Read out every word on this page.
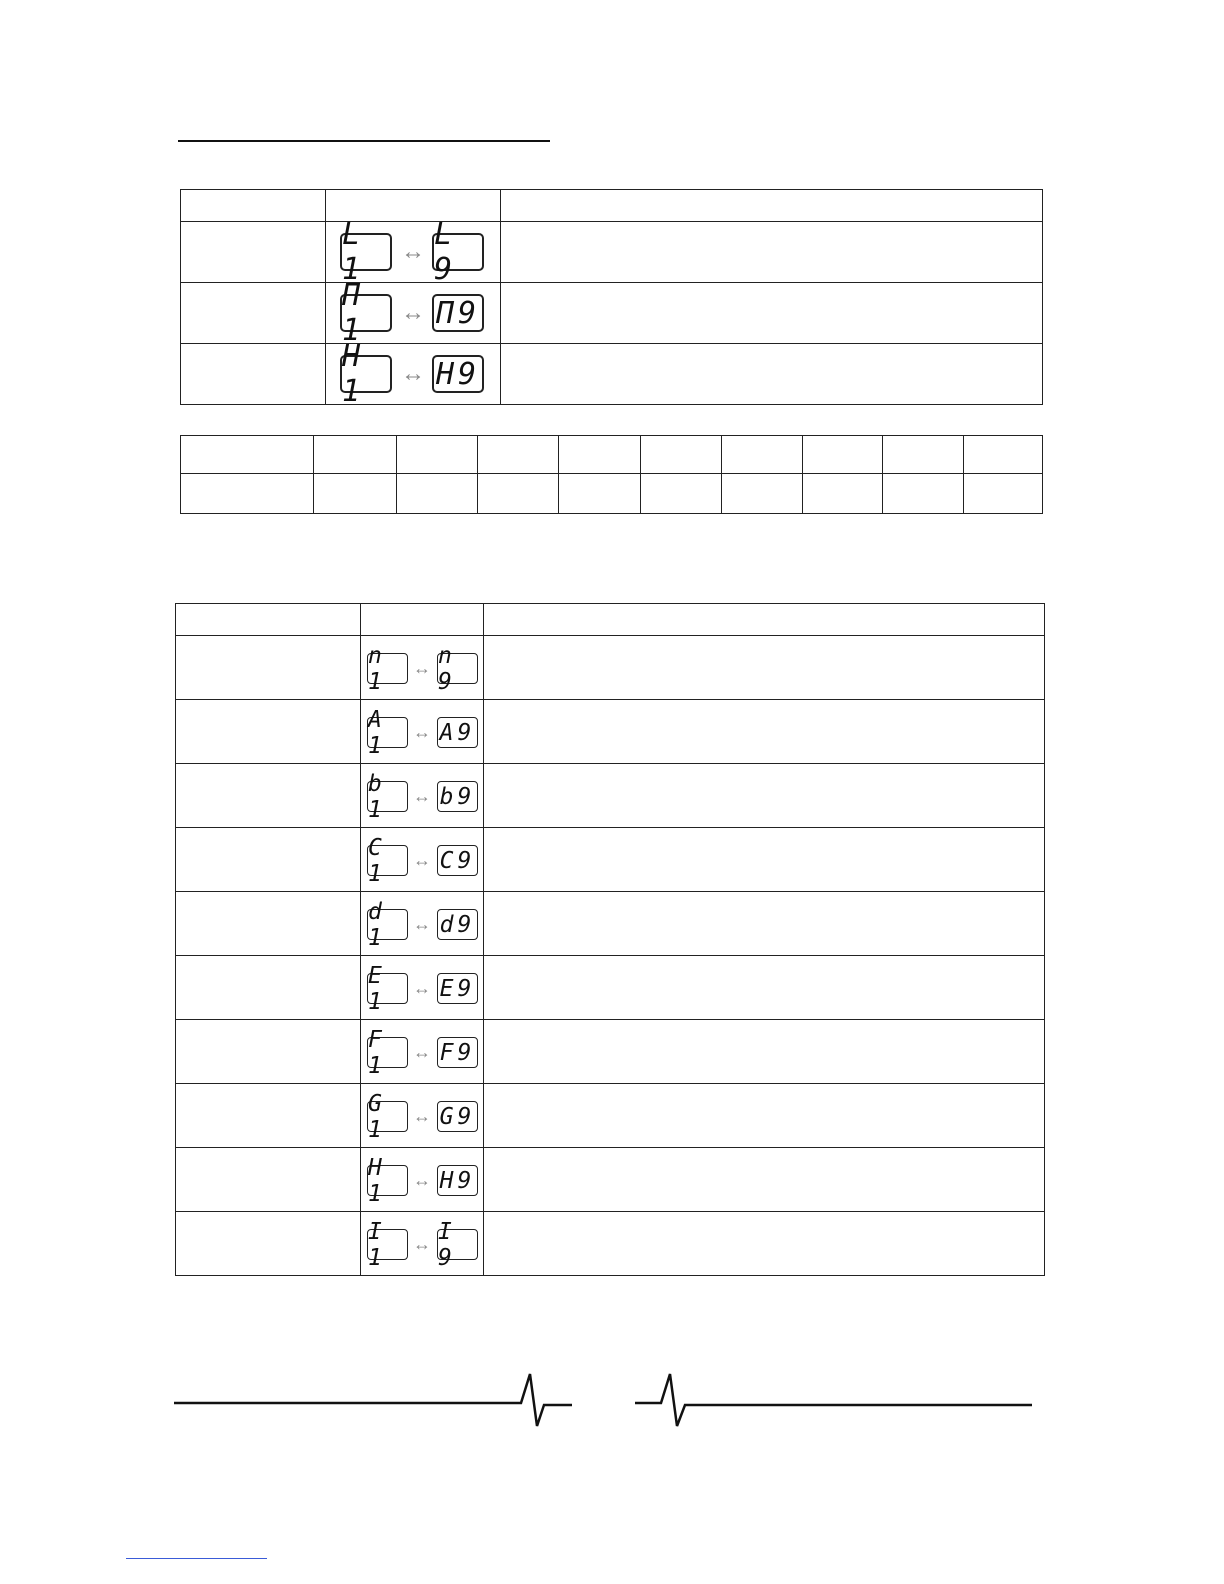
L 1
↔ L 9	

Π 1
↔ Π9	

H 1
↔ H9	

n 1
↔ n 9	

A 1
↔ A9	

b 1
↔ b9	

C 1
↔ C9	

d 1
↔ d9	

E 1
↔ E9	

F 1
↔ F9	

G 1
↔ G9	

H 1
↔ H9	

I 1
↔ I 9	
